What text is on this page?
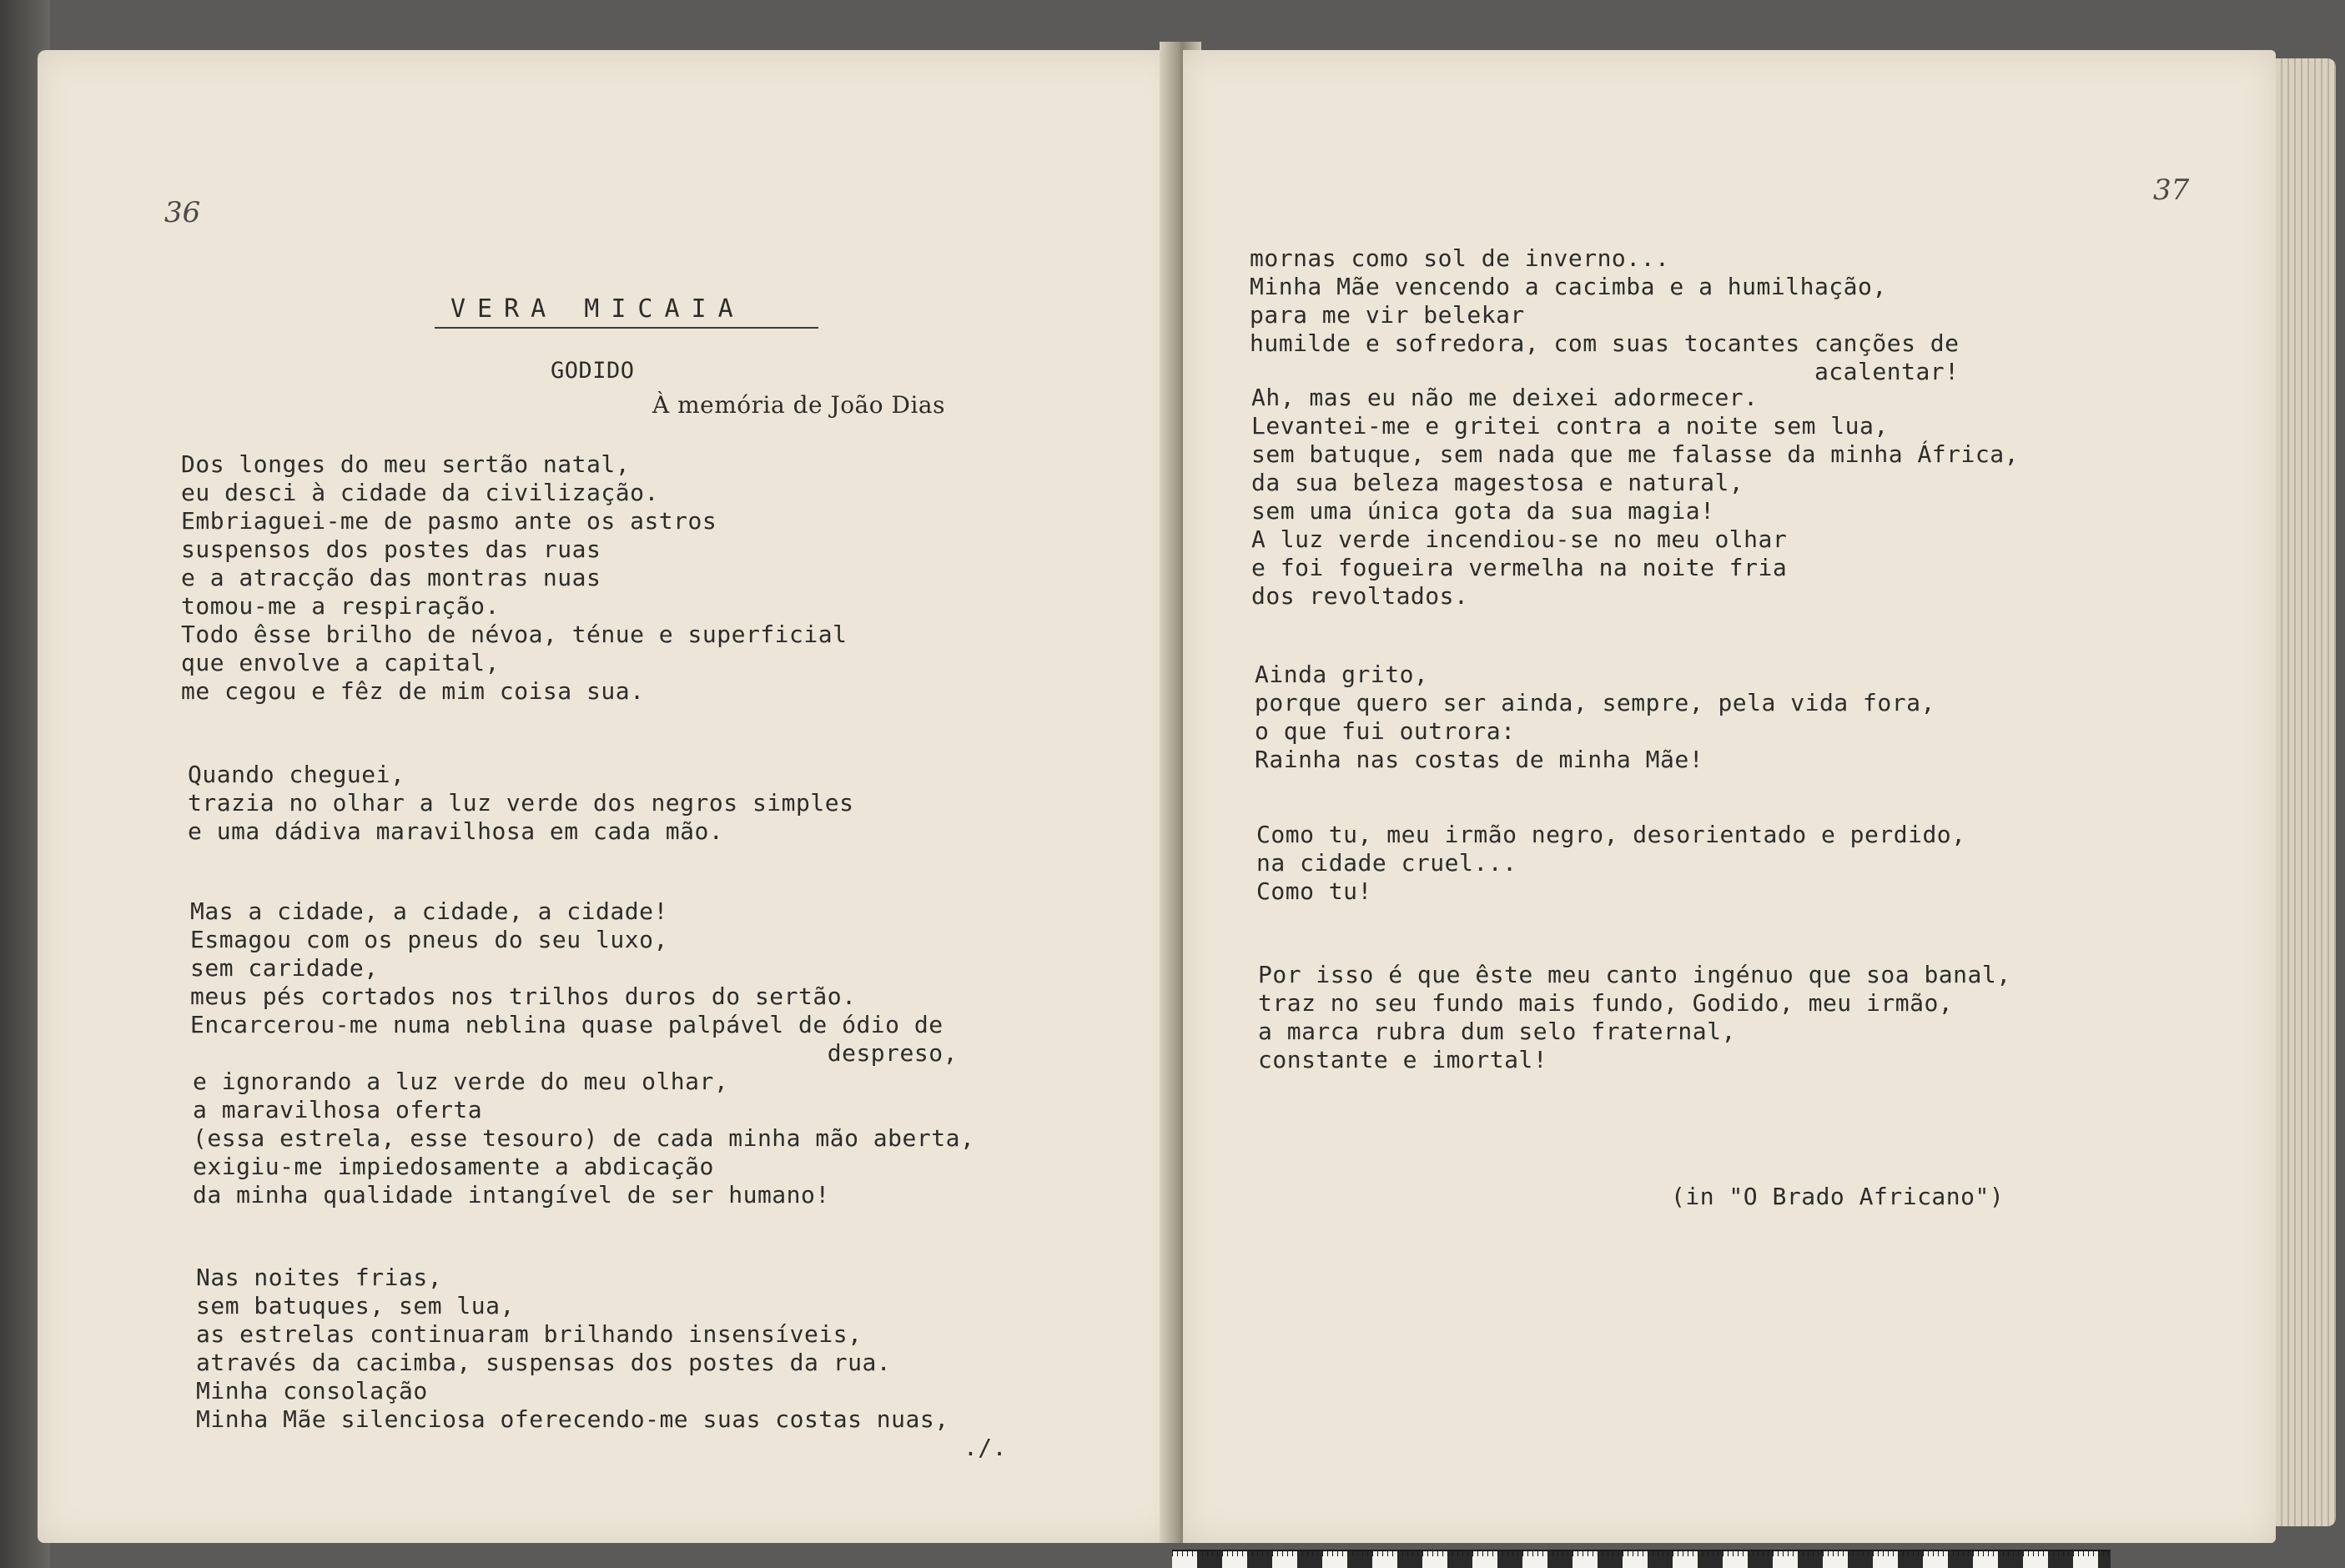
36
VERA MICAIA
GODIDO
À memória de João Dias
Dos longes do meu sertão natal,
eu desci à cidade da civilização.
Embriaguei-me de pasmo ante os astros
suspensos dos postes das ruas
e a atracção das montras nuas
tomou-me a respiração.
Todo êsse brilho de névoa, ténue e superficial
que envolve a capital,
me cegou e fêz de mim coisa sua.
Quando cheguei,
trazia no olhar a luz verde dos negros simples
e uma dádiva maravilhosa em cada mão.
Mas a cidade, a cidade, a cidade!
Esmagou com os pneus do seu luxo,
sem caridade,
meus pés cortados nos trilhos duros do sertão.
Encarcerou-me numa neblina quase palpável de ódio de
despreso,
e ignorando a luz verde do meu olhar,
a maravilhosa oferta
(essa estrela, esse tesouro) de cada minha mão aberta,
exigiu-me impiedosamente a abdicação
da minha qualidade intangível de ser humano!
Nas noites frias,
sem batuques, sem lua,
as estrelas continuaram brilhando insensíveis,
através da cacimba, suspensas dos postes da rua.
Minha consolação
Minha Mãe silenciosa oferecendo-me suas costas nuas,
./.
37
mornas como sol de inverno...
Minha Mãe vencendo a cacimba e a humilhação,
para me vir belekar
humilde e sofredora, com suas tocantes canções de
acalentar!
Ah, mas eu não me deixei adormecer.
Levantei-me e gritei contra a noite sem lua,
sem batuque, sem nada que me falasse da minha África,
da sua beleza magestosa e natural,
sem uma única gota da sua magia!
A luz verde incendiou-se no meu olhar
e foi fogueira vermelha na noite fria
dos revoltados.
Ainda grito,
porque quero ser ainda, sempre, pela vida fora,
o que fui outrora:
Rainha nas costas de minha Mãe!
Como tu, meu irmão negro, desorientado e perdido,
na cidade cruel...
Como tu!
Por isso é que êste meu canto ingénuo que soa banal,
traz no seu fundo mais fundo, Godido, meu irmão,
a marca rubra dum selo fraternal,
constante e imortal!
(in "O Brado Africano")
